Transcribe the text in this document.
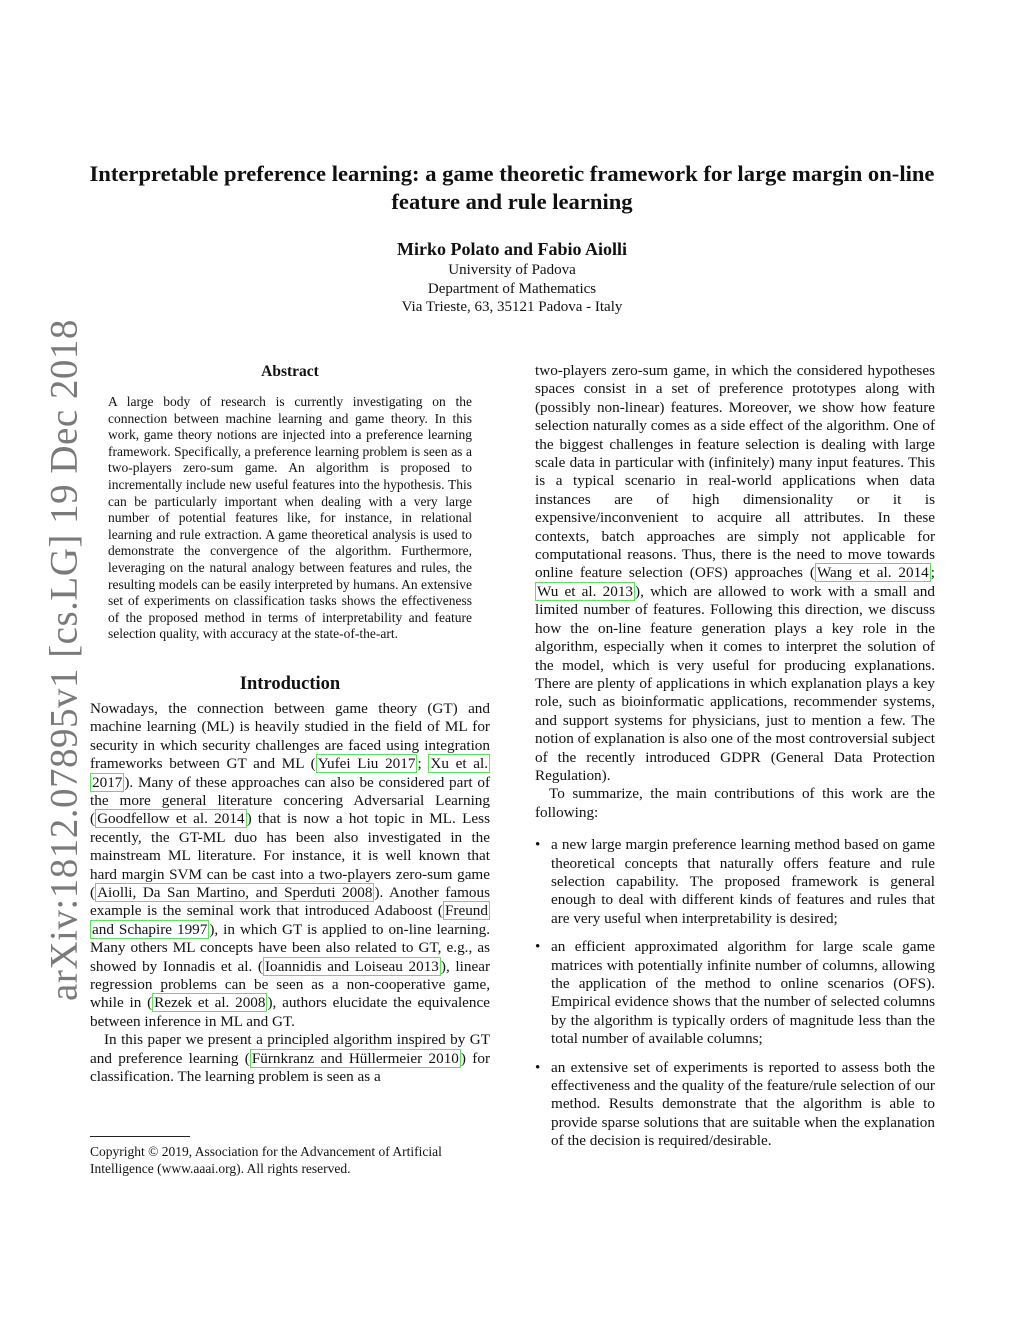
arXiv:1812.07895v1 [cs.LG] 19 Dec 2018
Interpretable preference learning: a game theoretic framework for large margin on-line feature and rule learning
Mirko Polato and Fabio Aiolli
University of Padova
Department of Mathematics
Via Trieste, 63, 35121 Padova - Italy
Abstract

A large body of research is currently investigating on the connection between machine learning and game theory. In this work, game theory notions are injected into a preference learning framework. Specifically, a preference learning problem is seen as a two-players zero-sum game. An algorithm is proposed to incrementally include new useful features into the hypothesis. This can be particularly important when dealing with a very large number of potential features like, for instance, in relational learning and rule extraction. A game theoretical analysis is used to demonstrate the convergence of the algorithm. Furthermore, leveraging on the natural analogy between features and rules, the resulting models can be easily interpreted by humans. An extensive set of experiments on classification tasks shows the effectiveness of the proposed method in terms of interpretability and feature selection quality, with accuracy at the state-of-the-art.

Introduction

Nowadays, the connection between game theory (GT) and machine learning (ML) is heavily studied in the field of ML for security in which security challenges are faced using integration frameworks between GT and ML ( Yufei Liu 2017 ; Xu et al. 2017 ). Many of these approaches can also be considered part of the more general literature concering Adversarial Learning ( Goodfellow et al. 2014 ) that is now a hot topic in ML. Less recently, the GT-ML duo has been also investigated in the mainstream ML literature. For instance, it is well known that hard margin SVM can be cast into a two-players zero-sum game ( Aiolli, Da San Martino, and Sperduti 2008 ). Another famous example is the seminal work that introduced Adaboost ( Freund and Schapire 1997 ), in which GT is applied to on-line learning. Many others ML concepts have been also related to GT, e.g., as showed by Ionnadis et al. ( Ioannidis and Loiseau 2013 ), linear regression problems can be seen as a non-cooperative game, while in ( Rezek et al. 2008 ), authors elucidate the equivalence between inference in ML and GT.

In this paper we present a principled algorithm inspired by GT and preference learning ( Fürnkranz and Hüllermeier 2010 ) for classification. The learning problem is seen as a

Copyright © 2019, Association for the Advancement of Artificial Intelligence (www.aaai.org). All rights reserved.

two-players zero-sum game, in which the considered hypotheses spaces consist in a set of preference prototypes along with (possibly non-linear) features. Moreover, we show how feature selection naturally comes as a side effect of the algorithm. One of the biggest challenges in feature selection is dealing with large scale data in particular with (infinitely) many input features. This is a typical scenario in real-world applications when data instances are of high dimensionality or it is expensive/inconvenient to acquire all attributes. In these contexts, batch approaches are simply not applicable for computational reasons. Thus, there is the need to move towards online feature selection (OFS) approaches ( Wang et al. 2014 ; Wu et al. 2013 ), which are allowed to work with a small and limited number of features. Following this direction, we discuss how the on-line feature generation plays a key role in the algorithm, especially when it comes to interpret the solution of the model, which is very useful for producing explanations. There are plenty of applications in which explanation plays a key role, such as bioinformatic applications, recommender systems, and support systems for physicians, just to mention a few. The notion of explanation is also one of the most controversial subject of the recently introduced GDPR (General Data Protection Regulation).

To summarize, the main contributions of this work are the following:

• a new large margin preference learning method based on game theoretical concepts that naturally offers feature and rule selection capability. The proposed framework is general enough to deal with different kinds of features and rules that are very useful when interpretability is desired;
• an efficient approximated algorithm for large scale game matrices with potentially infinite number of columns, allowing the application of the method to online scenarios (OFS). Empirical evidence shows that the number of selected columns by the algorithm is typically orders of magnitude less than the total number of available columns;
• an extensive set of experiments is reported to assess both the effectiveness and the quality of the feature/rule selection of our method. Results demonstrate that the algorithm is able to provide sparse solutions that are suitable when the explanation of the decision is required/desirable.
